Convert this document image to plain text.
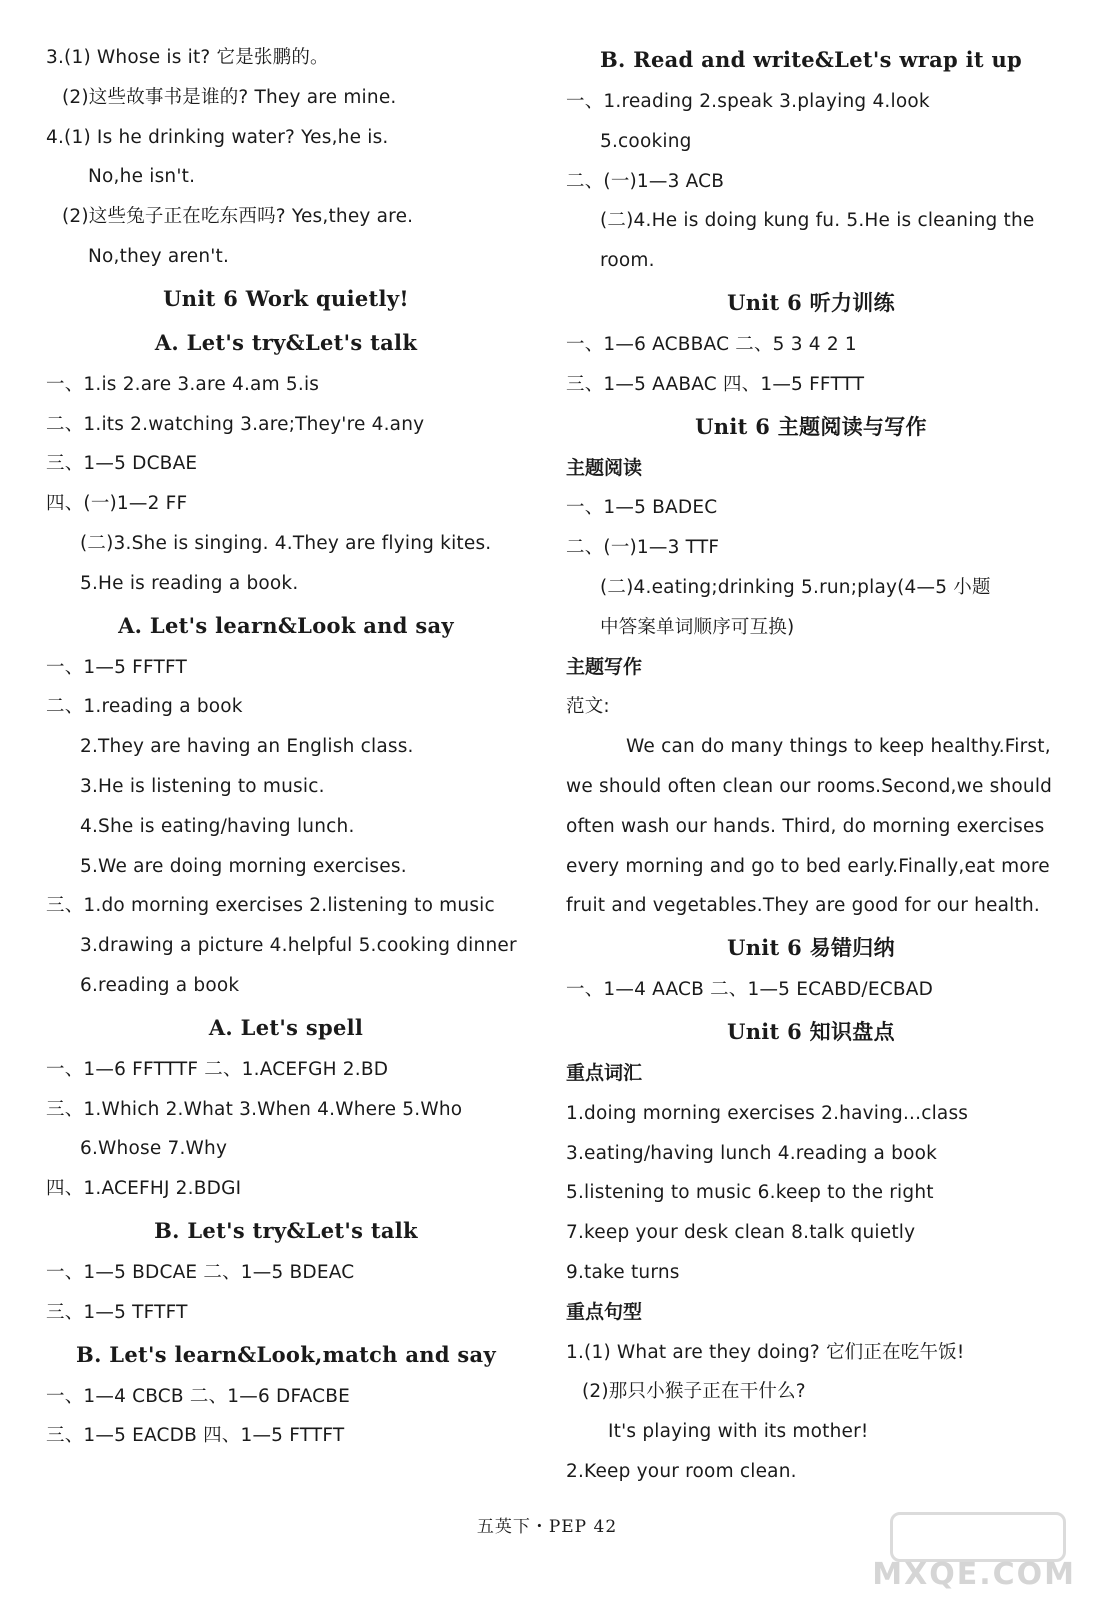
3.(1) Whose is it? 它是张鹏的。
(2)这些故事书是谁的? They are mine.
4.(1) Is he drinking water? Yes,he is.
No,he isn't.
(2)这些兔子正在吃东西吗? Yes,they are.
No,they aren't.
Unit 6 Work quietly!
A. Let's try&Let's talk
一、1.is 2.are 3.are 4.am 5.is
二、1.its 2.watching 3.are;They're 4.any
三、1—5 DCBAE
四、(一)1—2 FF
(二)3.She is singing. 4.They are flying kites.
5.He is reading a book.
A. Let's learn&Look and say
一、1—5 FFTFT
二、1.reading a book
2.They are having an English class.
3.He is listening to music.
4.She is eating/having lunch.
5.We are doing morning exercises.
三、1.do morning exercises 2.listening to music
3.drawing a picture 4.helpful 5.cooking dinner
6.reading a book
A. Let's spell
一、1—6 FFTTTF 二、1.ACEFGH 2.BD
三、1.Which 2.What 3.When 4.Where 5.Who
6.Whose 7.Why
四、1.ACEFHJ 2.BDGI
B. Let's try&Let's talk
一、1—5 BDCAE 二、1—5 BDEAC
三、1—5 TFTFT
B. Let's learn&Look,match and say
一、1—4 CBCB 二、1—6 DFACBE
三、1—5 EACDB 四、1—5 FTTFT
B. Read and write&Let's wrap it up
一、1.reading 2.speak 3.playing 4.look
5.cooking
二、(一)1—3 ACB
(二)4.He is doing kung fu. 5.He is cleaning the
room.
Unit 6 听力训练
一、1—6 ACBBAC 二、5 3 4 2 1
三、1—5 AABAC 四、1—5 FFTTT
Unit 6 主题阅读与写作
主题阅读
一、1—5 BADEC
二、(一)1—3 TTF
(二)4.eating;drinking 5.run;play(4—5 小题
中答案单词顺序可互换)
主题写作
范文:
We can do many things to keep healthy.First,
we should often clean our rooms.Second,we should
often wash our hands. Third, do morning exercises
every morning and go to bed early.Finally,eat more
fruit and vegetables.They are good for our health.
Unit 6 易错归纳
一、1—4 AACB 二、1—5 ECABD/ECBAD
Unit 6 知识盘点
重点词汇
1.doing morning exercises 2.having...class
3.eating/having lunch 4.reading a book
5.listening to music 6.keep to the right
7.keep your desk clean 8.talk quietly
9.take turns
重点句型
1.(1) What are they doing? 它们正在吃午饭!
(2)那只小猴子正在干什么?
It's playing with its mother!
2.Keep your room clean.
五英下・PEP 42
MXQE.COM
